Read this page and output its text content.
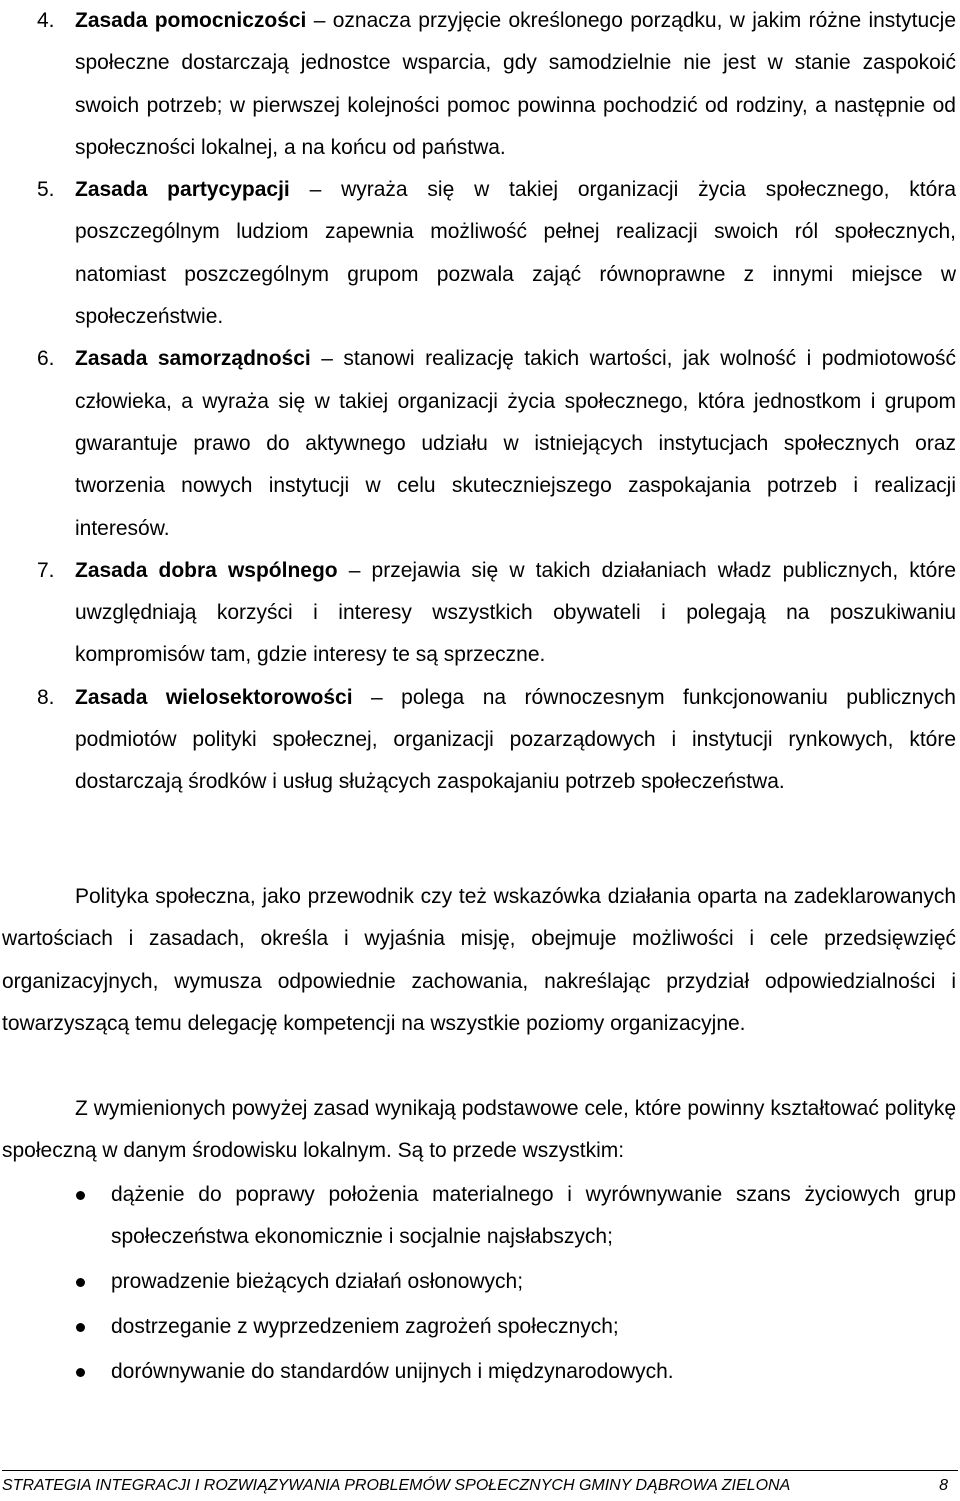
4. Zasada pomocniczości – oznacza przyjęcie określonego porządku, w jakim różne instytucje społeczne dostarczają jednostce wsparcia, gdy samodzielnie nie jest w stanie zaspokoić swoich potrzeb; w pierwszej kolejności pomoc powinna pochodzić od rodziny, a następnie od społeczności lokalnej, a na końcu od państwa.
5. Zasada partycypacji – wyraża się w takiej organizacji życia społecznego, która poszczególnym ludziom zapewnia możliwość pełnej realizacji swoich ról społecznych, natomiast poszczególnym grupom pozwala zająć równoprawne z innymi miejsce w społeczeństwie.
6. Zasada samorządności – stanowi realizację takich wartości, jak wolność i podmiotowość człowieka, a wyraża się w takiej organizacji życia społecznego, która jednostkom i grupom gwarantuje prawo do aktywnego udziału w istniejących instytucjach społecznych oraz tworzenia nowych instytucji w celu skuteczniejszego zaspokajania potrzeb i realizacji interesów.
7. Zasada dobra wspólnego – przejawia się w takich działaniach władz publicznych, które uwzględniają korzyści i interesy wszystkich obywateli i polegają na poszukiwaniu kompromisów tam, gdzie interesy te są sprzeczne.
8. Zasada wielosektorowości – polega na równoczesnym funkcjonowaniu publicznych podmiotów polityki społecznej, organizacji pozarządowych i instytucji rynkowych, które dostarczają środków i usług służących zaspokajaniu potrzeb społeczeństwa.

Polityka społeczna, jako przewodnik czy też wskazówka działania oparta na zadeklarowanych wartościach i zasadach, określa i wyjaśnia misję, obejmuje możliwości i cele przedsięwzięć organizacyjnych, wymusza odpowiednie zachowania, nakreślając przydział odpowiedzialności i towarzyszącą temu delegację kompetencji na wszystkie poziomy organizacyjne.

Z wymienionych powyżej zasad wynikają podstawowe cele, które powinny kształtować politykę społeczną w danym środowisku lokalnym. Są to przede wszystkim:

dążenie do poprawy położenia materialnego i wyrównywanie szans życiowych grup społeczeństwa ekonomicznie i socjalnie najsłabszych;
prowadzenie bieżących działań osłonowych;
dostrzeganie z wyprzedzeniem zagrożeń społecznych;
dorównywanie do standardów unijnych i międzynarodowych.
STRATEGIA INTEGRACJI I ROZWIĄZYWANIA PROBLEMÓW SPOŁECZNYCH GMINY DĄBROWA ZIELONA	8
